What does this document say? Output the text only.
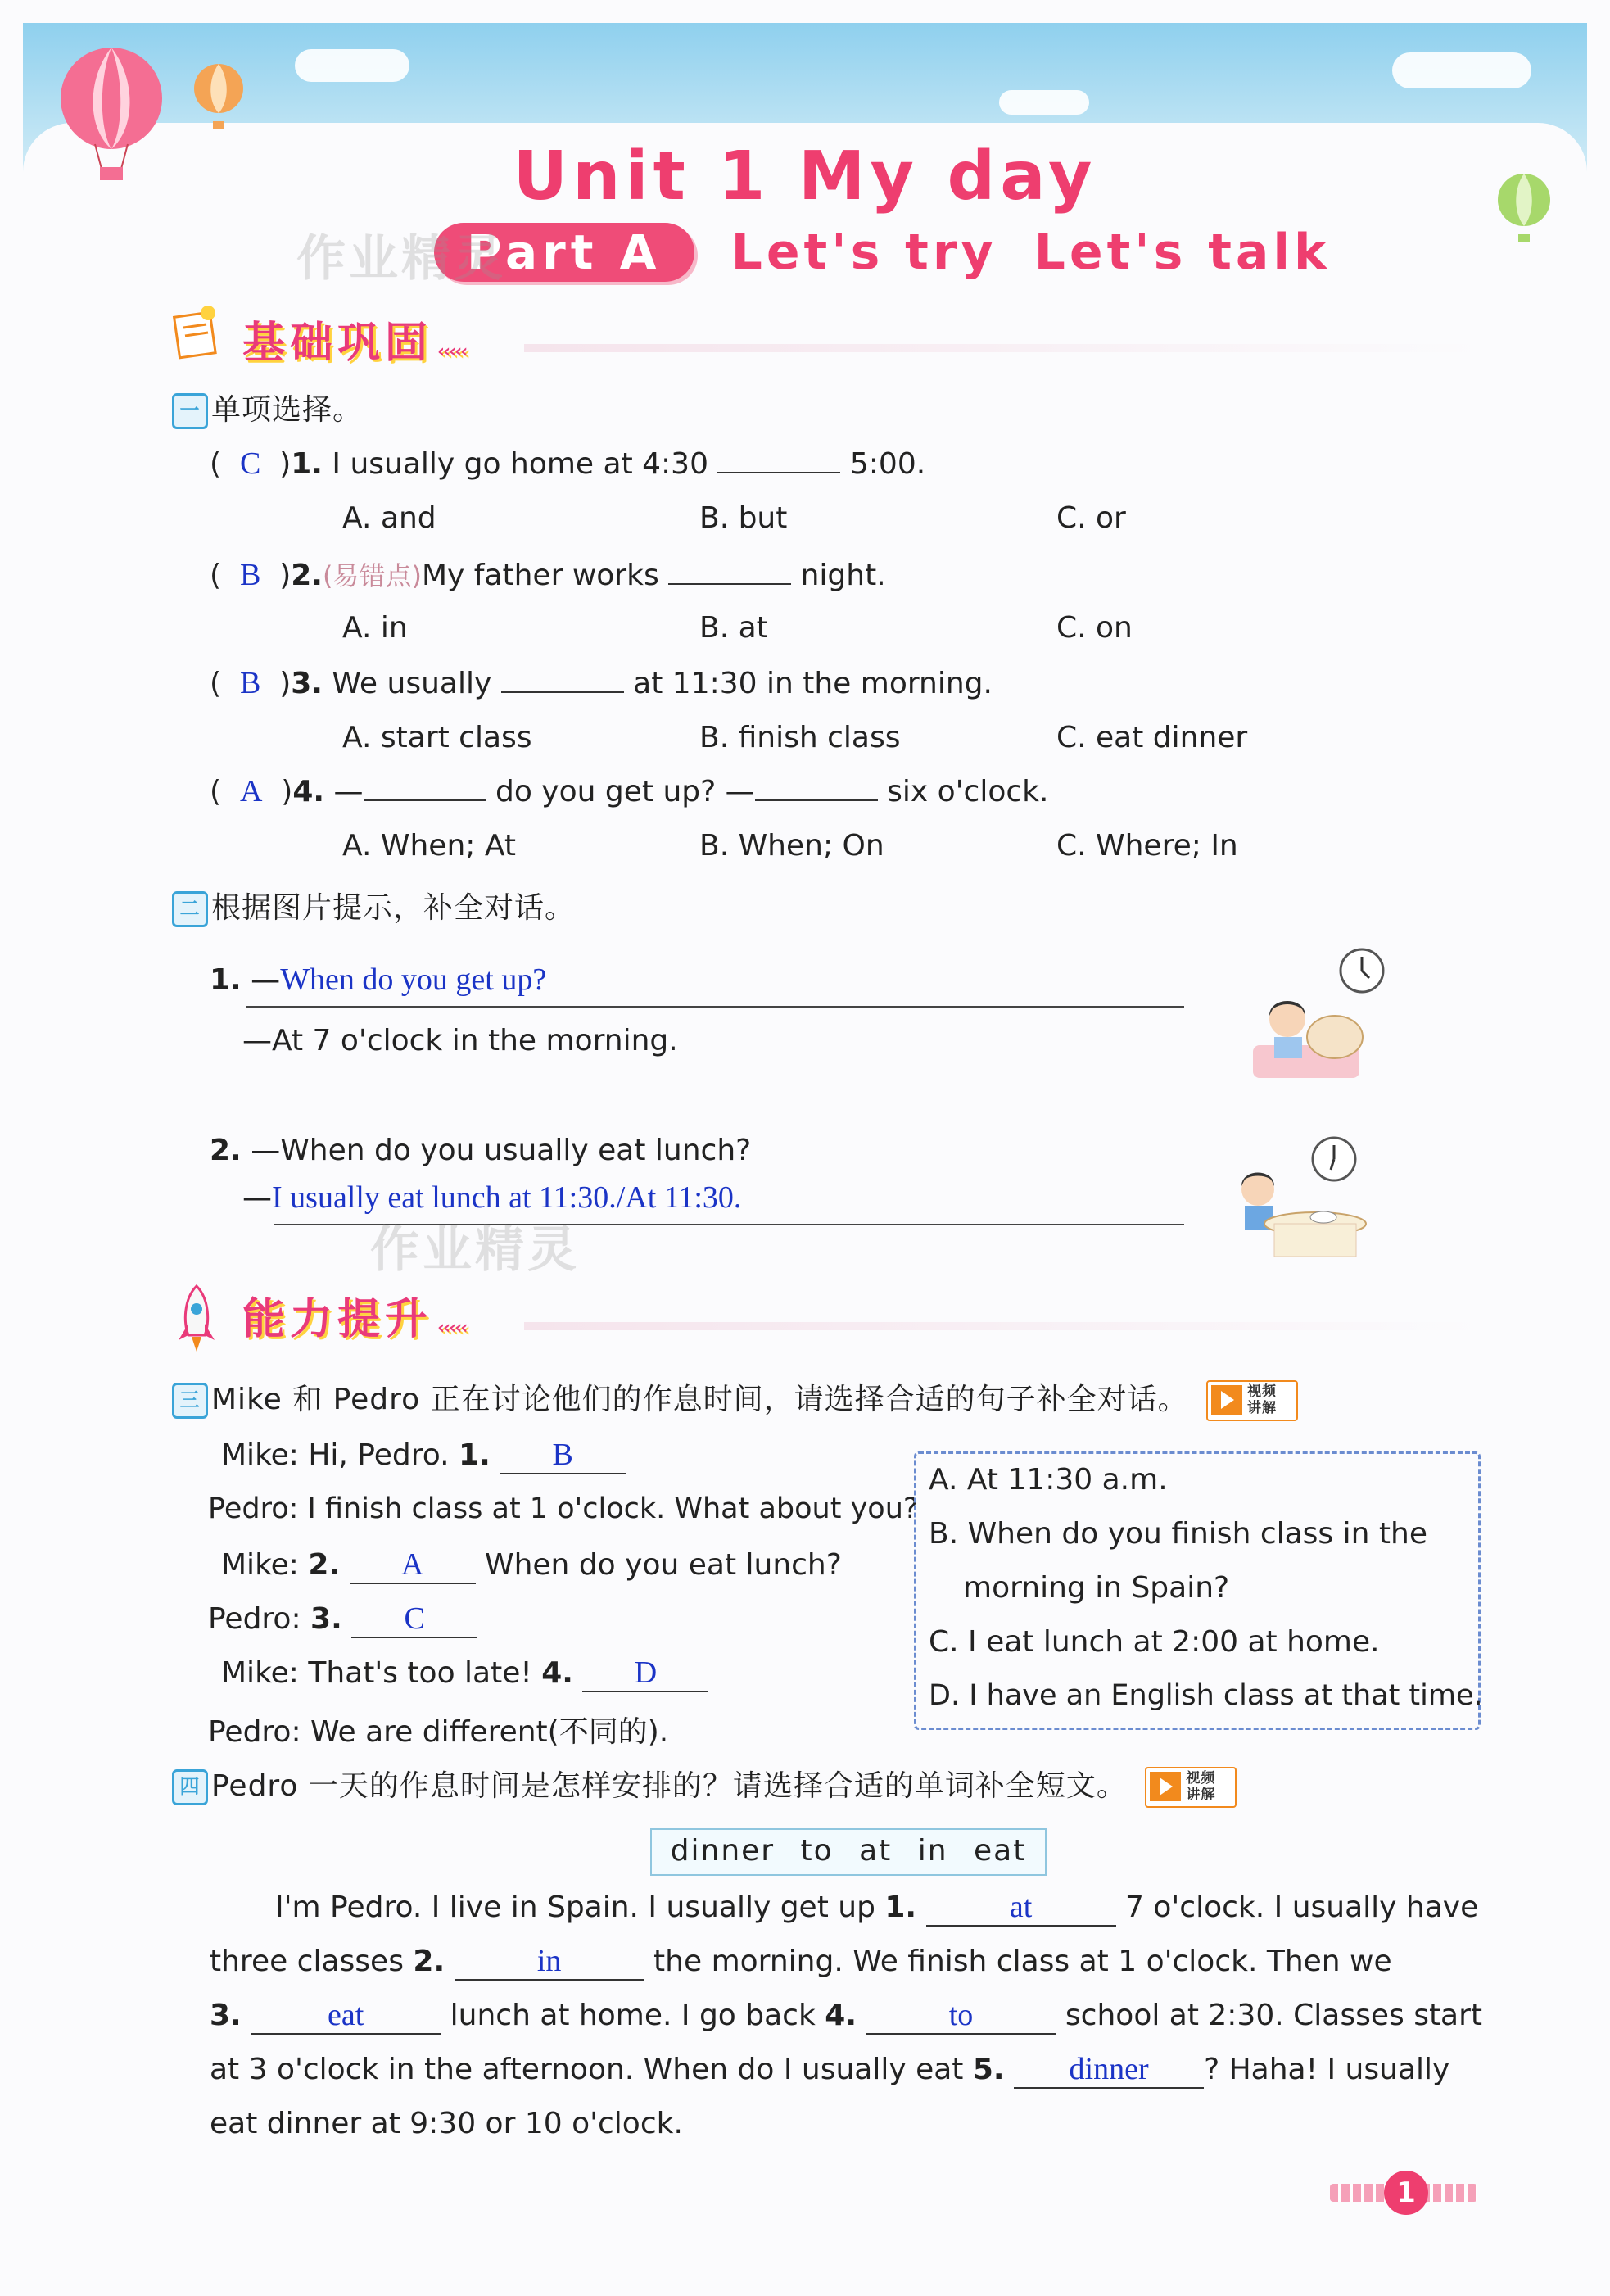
Unit 1 My day
Part A Let's try Let's talk
作业精灵
基础巩固 ‹‹‹‹‹
一 单项选择。
( C )1. I usually go home at 4:30	5:00.
A. and	B. but	C. or
( B )2.(易错点)My father works	night.
A. in	B. at	C. on
( B )3. We usually	at 11:30 in the morning.
A. start class	B. finish class	C. eat dinner
( A )4. —	do you get up? —	six o'clock.
A. When; At	B. When; On	C. Where; In
二 根据图片提示，补全对话。
1. —When do you get up?
—At 7 o'clock in the morning.
2. —When do you usually eat lunch?
—I usually eat lunch at 11:30./At 11:30.
作业精灵
能力提升 ‹‹‹‹‹
三 Mike 和 Pedro 正在讨论他们的作息时间，请选择合适的句子补全对话。	视频
讲解
Mike: Hi, Pedro. 1. B
Pedro: I finish class at 1 o'clock. What about you?
Mike: 2. A When do you eat lunch?
Pedro: 3. C
Mike: That's too late! 4. D
Pedro: We are different(不同的).
A. At 11:30 a.m.
B. When do you finish class in the
morning in Spain?
C. I eat lunch at 2:00 at home.
D. I have an English class at that time.
四 Pedro 一天的作息时间是怎样安排的？请选择合适的单词补全短文。	视频
讲解
dinner to at in eat
I'm Pedro. I live in Spain. I usually get up 1.	at	7 o'clock. I usually have
three classes 2.	in	the morning. We finish class at 1 o'clock. Then we
3.	eat	lunch at home. I go back 4.	to	school at 2:30. Classes start
at 3 o'clock in the afternoon. When do I usually eat 5. dinner ? Haha! I usually
eat dinner at 9:30 or 10 o'clock.
1
